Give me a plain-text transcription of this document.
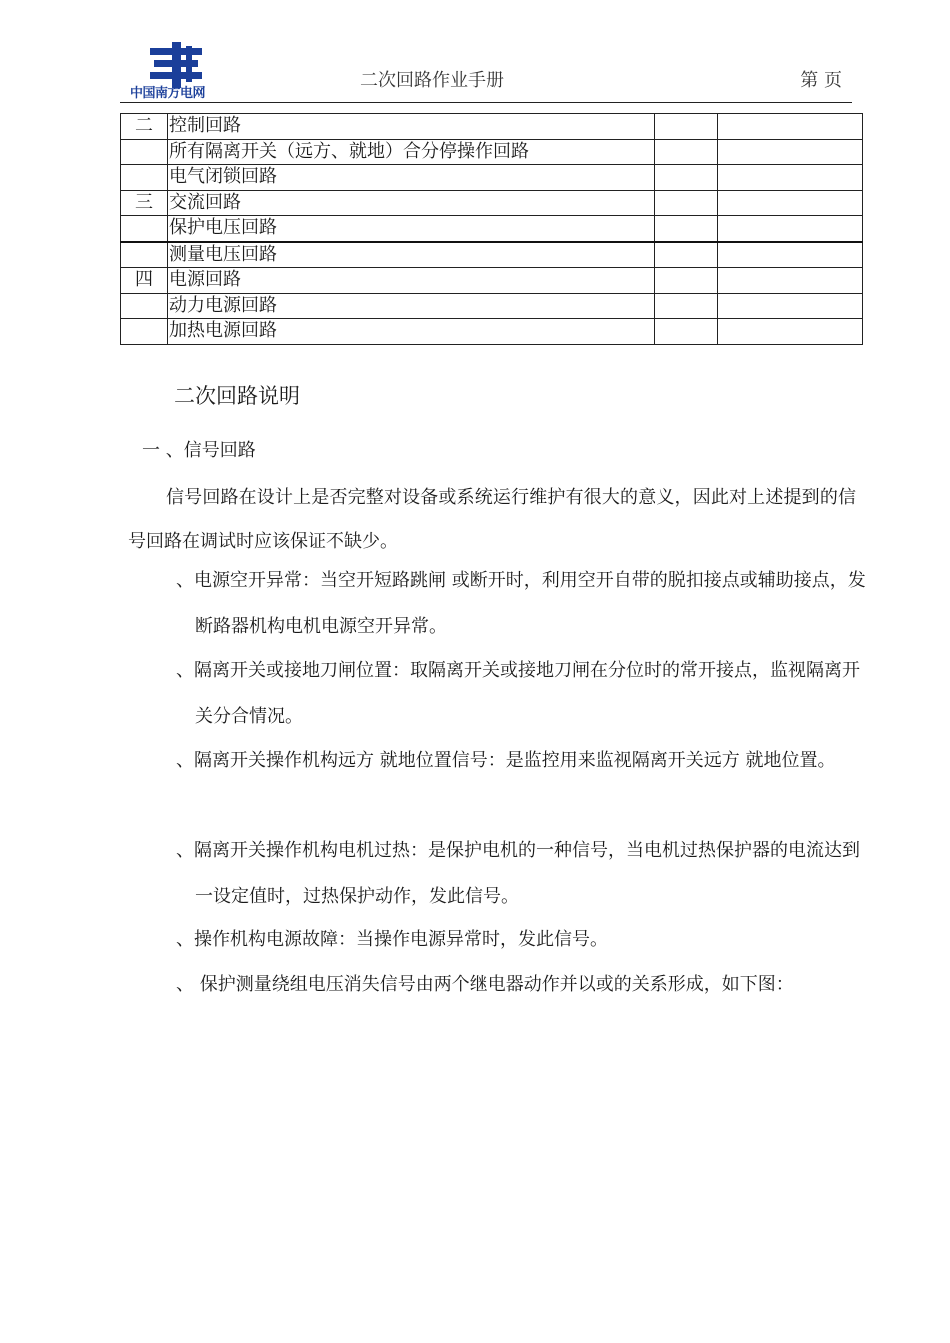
中国南方电网
二次回路作业手册	第 页
二	控制回路		
	所有隔离开关（远方、就地）合分停操作回路		
	电气闭锁回路		
三	交流回路		
	保护电压回路		
	测量电压回路		
四	电源回路		
	动力电源回路		
	加热电源回路		
二次回路说明
一 、信号回路
信号回路在设计上是否完整对设备或系统运行维护有很大的意义，因此对上述提到的信号回路在调试时应该保证不缺少。
、电源空开异常：当空开短路跳闸 或断开时，利用空开自带的脱扣接点或辅助接点，发断路器机构电机电源空开异常。
、隔离开关或接地刀闸位置：取隔离开关或接地刀闸在分位时的常开接点，监视隔离开关分合情况。
、隔离开关操作机构远方 就地位置信号：是监控用来监视隔离开关远方 就地位置。
、隔离开关操作机构电机过热：是保护电机的一种信号，当电机过热保护器的电流达到一设定值时，过热保护动作，发此信号。
、操作机构电源故障：当操作电源异常时，发此信号。
、 保护测量绕组电压消失信号由两个继电器动作并以或的关系形成，如下图：
